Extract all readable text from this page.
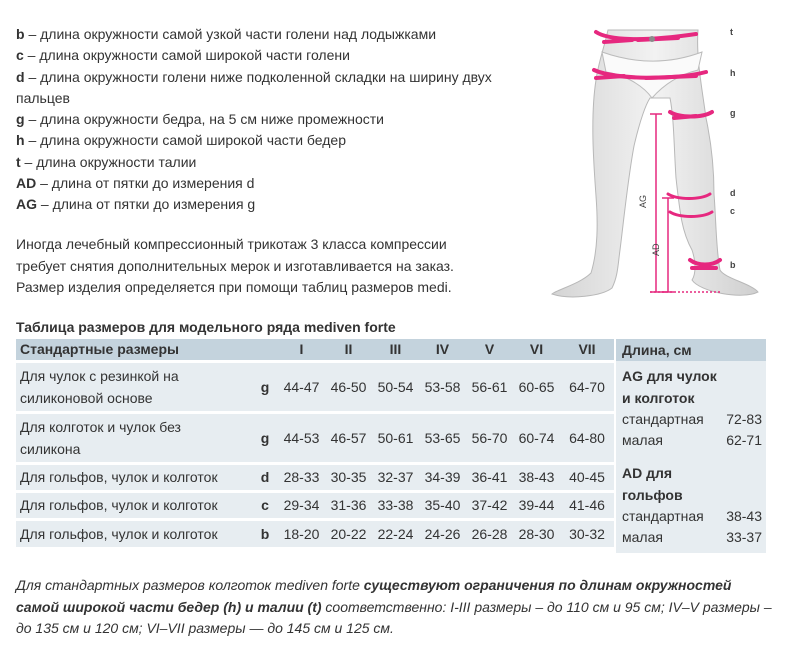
b – длина окружности самой узкой части голени над лодыжками
c – длина окружности самой широкой части голени
d – длина окружности голени ниже подколенной складки на ширину двух
пальцев
g – длина окружности бедра, на 5 см ниже промежности
h – длина окружности самой широкой части бедер
t – длина окружности талии
AD – длина от пятки до измерения d
AG – длина от пятки до измерения g
Иногда лечебный компрессионный трикотаж 3 класса компрессии
требует снятия дополнительных мерок и изготавливается на заказ.
Размер изделия определяется при помощи таблиц размеров medi.
AG
AD
t
h
g
d
c
b
Таблица размеров для модельного ряда mediven forte
Стандартные размеры		I	II	III	IV	V	VI	VII

Для чулок с резинкой на
силиконовой основе	g	44-47	46-50	50-54	53-58	56-61	60-65	64-70

Для колготок и чулок без
силикона	g	44-53	46-57	50-61	53-65	56-70	60-74	64-80
Для гольфов, чулок и колготок	d	28-33	30-35	32-37	34-39	36-41	38-43	40-45
Для гольфов, чулок и колготок	c	29-34	31-36	33-38	35-40	37-42	39-44	41-46
Для гольфов, чулок и колготок	b	18-20	20-22	22-24	24-26	26-28	28-30	30-32
Длина, см
AG для чулок
и колготок
стандартная 72-83
малая	62-71
AD для
гольфов
стандартная 38-43
малая	33-37
Для стандартных размеров колготок mediven forte существуют ограничения по длинам окружностей самой широкой части бедер (h) и талии (t) соответственно: I-III размеры – до 110 см и 95 см; IV–V размеры – до 135 см и 120 см; VI–VII размеры — до 145 см и 125 см.
